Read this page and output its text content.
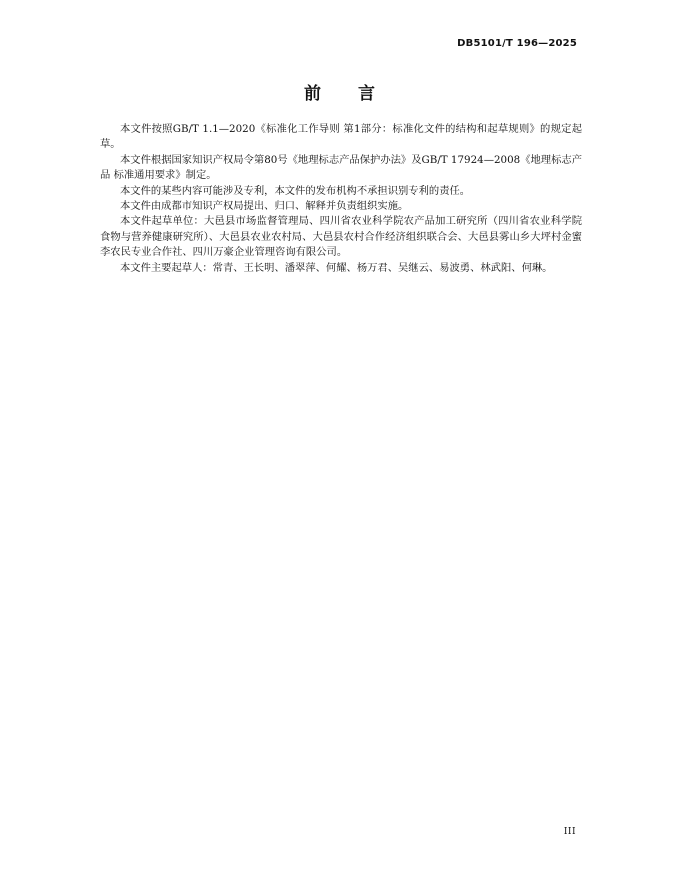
DB5101/T 196—2025
前 言

本文件按照GB/T 1.1—2020《标准化工作导则 第1部分：标准化文件的结构和起草规则》的规定起草。

本文件根据国家知识产权局令第80号《地理标志产品保护办法》及GB/T 17924—2008《地理标志产品 标准通用要求》制定。

本文件的某些内容可能涉及专利，本文件的发布机构不承担识别专利的责任。

本文件由成都市知识产权局提出、归口、解释并负责组织实施。

本文件起草单位：大邑县市场监督管理局、四川省农业科学院农产品加工研究所（四川省农业科学院食物与营养健康研究所）、大邑县农业农村局、大邑县农村合作经济组织联合会、大邑县雾山乡大坪村金蜜李农民专业合作社、四川万豪企业管理咨询有限公司。

本文件主要起草人：常青、王长明、潘翠萍、何耀、杨万君、吴继云、易波勇、林武阳、何琳。

III
